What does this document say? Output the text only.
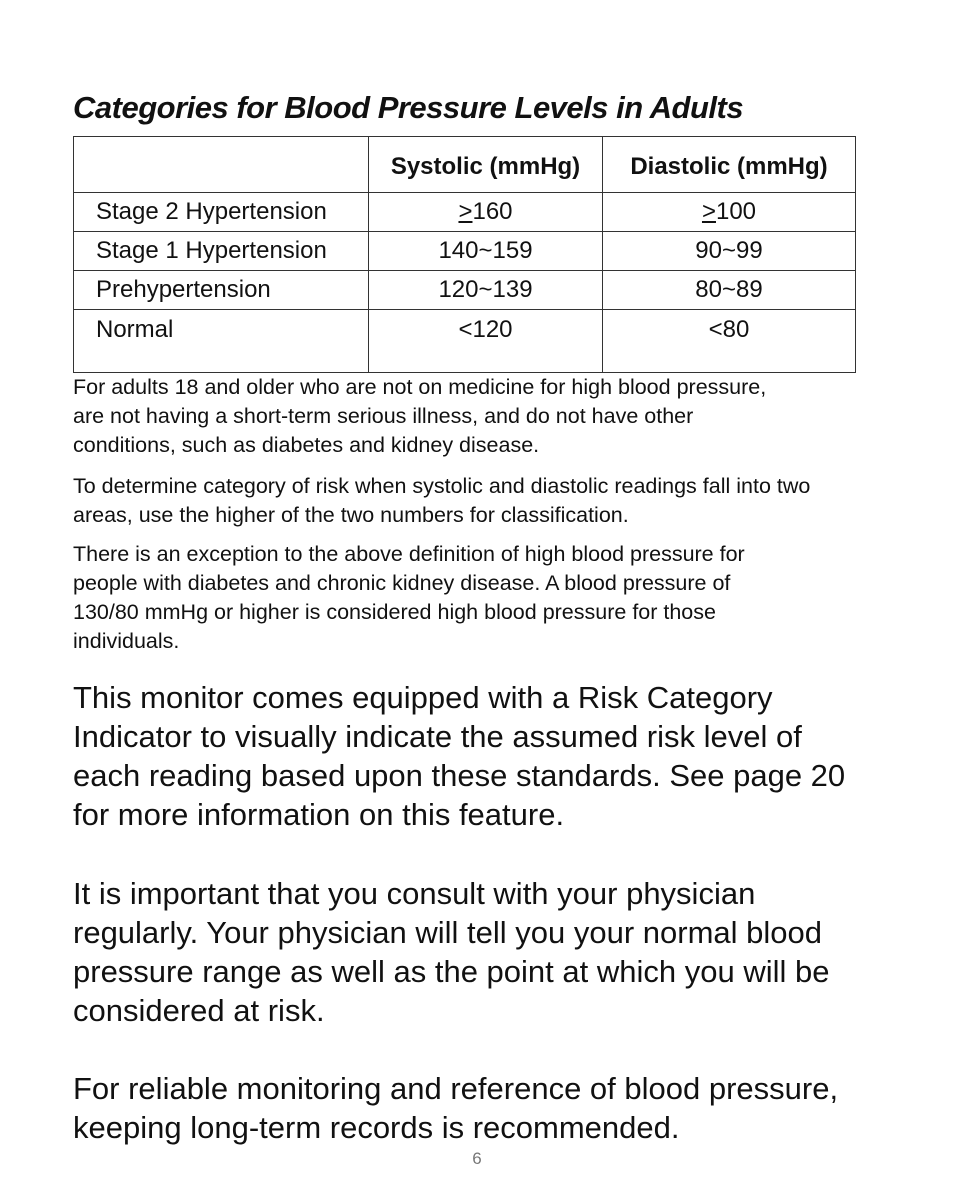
Categories for Blood Pressure Levels in Adults
	Systolic (mmHg)	Diastolic (mmHg)
Stage 2 Hypertension	≥160	≥100
Stage 1 Hypertension	140~159	90~99
Prehypertension	120~139	80~89
Normal	<120	<80

For adults 18 and older who are not on medicine for high blood pressure, are not having a short-term serious illness, and do not have other conditions, such as diabetes and kidney disease.

To determine category of risk when systolic and diastolic readings fall into two areas, use the higher of the two numbers for classification.

There is an exception to the above definition of high blood pressure for people with diabetes and chronic kidney disease. A blood pressure of 130/80 mmHg or higher is considered high blood pressure for those individuals.

This monitor comes equipped with a Risk Category Indicator to visually indicate the assumed risk level of each reading based upon these standards. See page 20 for more information on this feature.

It is important that you consult with your physician regularly. Your physician will tell you your normal blood pressure range as well as the point at which you will be considered at risk.

For reliable monitoring and reference of blood pressure, keeping long-term records is recommended.

6
